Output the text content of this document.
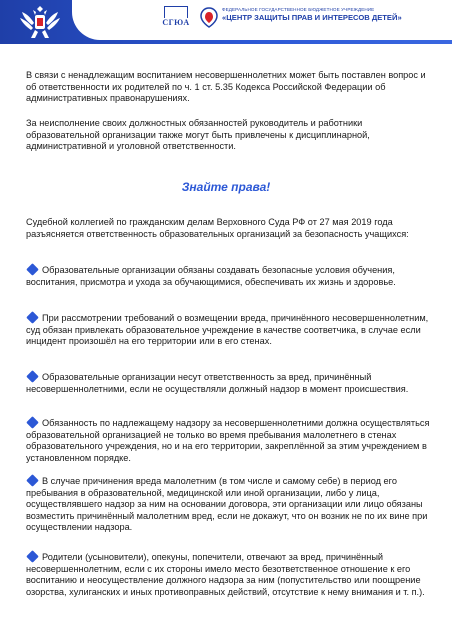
СГЮА
ФЕДЕРАЛЬНОЕ ГОСУДАРСТВЕННОЕ БЮДЖЕТНОЕ УЧРЕЖДЕНИЕ
«ЦЕНТР ЗАЩИТЫ ПРАВ И ИНТЕРЕСОВ ДЕТЕЙ»

В связи с ненадлежащим воспитанием несовершеннолетних может быть поставлен вопрос и об ответственности их родителей по ч. 1 ст. 5.35 Кодекса Российской Федерации об административных правонарушениях.

За неисполнение своих должностных обязанностей руководитель и работники образовательной организации также могут быть привлечены к дисциплинарной, административной и уголовной ответственности.

Знайте права!

Судебной коллегией по гражданским делам Верховного Суда РФ от 27 мая 2019 года разъясняется ответственность образовательных организаций за безопасность учащихся:

Образовательные организации обязаны создавать безопасные условия обучения, воспитания, присмотра и ухода за обучающимися, обеспечивать их жизнь и здоровье.

При рассмотрении требований о возмещении вреда, причинённого несовершеннолетним, суд обязан привлекать образовательное учреждение в качестве соответчика, в случае если инцидент произошёл на его территории или в его стенах.

Образовательные организации несут ответственность за вред, причинённый несовершеннолетними, если не осуществляли должный надзор в момент происшествия.

Обязанность по надлежащему надзору за несовершеннолетними должна осуществляться образовательной организацией не только во время пребывания малолетнего в стенах образовательного учреждения, но и на его территории, закреплённой за этим учреждением в установленном порядке.

В случае причинения вреда малолетним (в том числе и самому себе) в период его пребывания в образовательной, медицинской или иной организации, либо у лица, осуществлявшего надзор за ним на основании договора, эти организации или лицо обязаны возместить причинённый малолетним вред, если не докажут, что он возник не по их вине при осуществлении надзора.

Родители (усыновители), опекуны, попечители, отвечают за вред, причинённый несовершеннолетним, если с их стороны имело место безответственное отношение к его воспитанию и неосуществление должного надзора за ним (попустительство или поощрение озорства, хулиганских и иных противоправных действий, отсутствие к нему внимания и т. п.).
